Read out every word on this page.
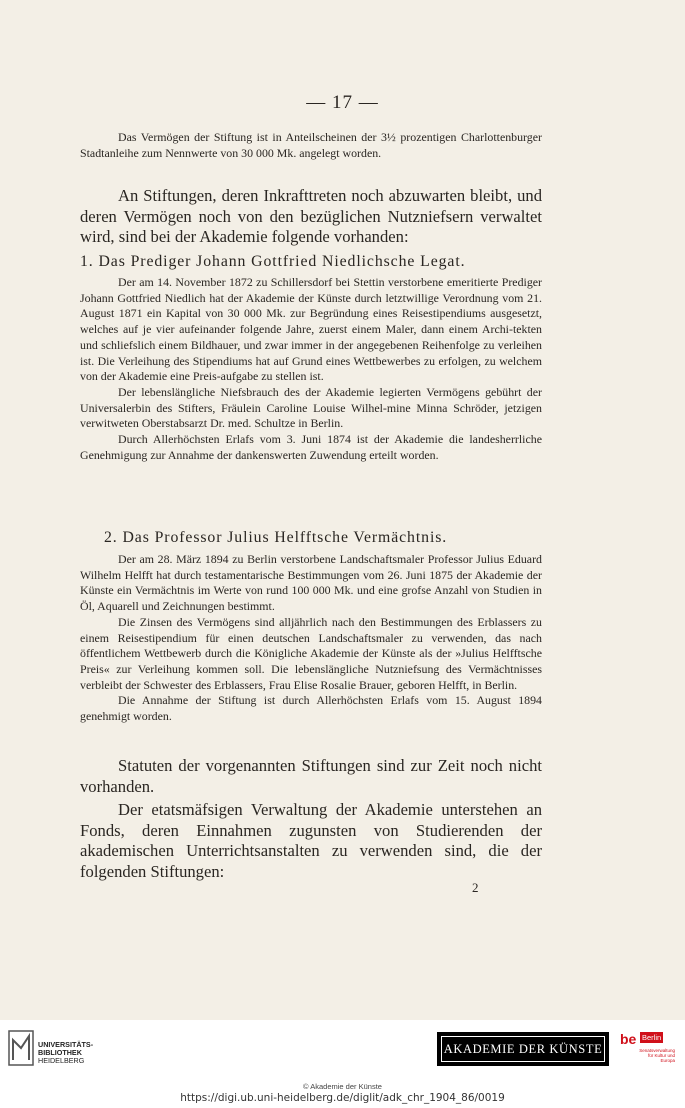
— 17 —

Das Vermögen der Stiftung ist in Anteilscheinen der 3½ prozentigen Charlottenburger Stadtanleihe zum Nennwerte von 30 000 Mk. angelegt worden.

An Stiftungen, deren Inkrafttreten noch abzuwarten bleibt, und deren Vermögen noch von den bezüglichen Nutzniefsern verwaltet wird, sind bei der Akademie folgende vorhanden:

1. Das Prediger Johann Gottfried Niedlichsche Legat.

Der am 14. November 1872 zu Schillersdorf bei Stettin verstorbene emeritierte Prediger Johann Gottfried Niedlich hat der Akademie der Künste durch letztwillige Verordnung vom 21. August 1871 ein Kapital von 30 000 Mk. zur Begründung eines Reisestipendiums ausgesetzt, welches auf je vier aufeinander folgende Jahre, zuerst einem Maler, dann einem Archi-tekten und schliefslich einem Bildhauer, und zwar immer in der angegebenen Reihenfolge zu verleihen ist. Die Verleihung des Stipendiums hat auf Grund eines Wettbewerbes zu erfolgen, zu welchem von der Akademie eine Preis-aufgabe zu stellen ist.

Der lebenslängliche Niefsbrauch des der Akademie legierten Vermögens gebührt der Universalerbin des Stifters, Fräulein Caroline Louise Wilhel-mine Minna Schröder, jetzigen verwitweten Oberstabsarzt Dr. med. Schultze in Berlin.

Durch Allerhöchsten Erlafs vom 3. Juni 1874 ist der Akademie die landesherrliche Genehmigung zur Annahme der dankenswerten Zuwendung erteilt worden.

2. Das Professor Julius Helfftsche Vermächtnis.

Der am 28. März 1894 zu Berlin verstorbene Landschaftsmaler Professor Julius Eduard Wilhelm Helfft hat durch testamentarische Bestimmungen vom 26. Juni 1875 der Akademie der Künste ein Vermächtnis im Werte von rund 100 000 Mk. und eine grofse Anzahl von Studien in Öl, Aquarell und Zeichnungen bestimmt.

Die Zinsen des Vermögens sind alljährlich nach den Bestimmungen des Erblassers zu einem Reisestipendium für einen deutschen Landschaftsmaler zu verwenden, das nach öffentlichem Wettbewerb durch die Königliche Akademie der Künste als der »Julius Helfftsche Preis« zur Verleihung kommen soll. Die lebenslängliche Nutzniefsung des Vermächtnisses verbleibt der Schwester des Erblassers, Frau Elise Rosalie Brauer, geboren Helfft, in Berlin.

Die Annahme der Stiftung ist durch Allerhöchsten Erlafs vom 15. August 1894 genehmigt worden.

Statuten der vorgenannten Stiftungen sind zur Zeit noch nicht vorhanden.

Der etatsmäfsigen Verwaltung der Akademie unterstehen an Fonds, deren Einnahmen zugunsten von Studierenden der akademischen Unterrichtsanstalten zu verwenden sind, die der folgenden Stiftungen:

2
UNIVERSITÄTS-
BIBLIOTHEK
HEIDELBERG
AKADEMIE DER KÜNSTE
be Berlin
Senatsverwaltung für Kultur und Europa
© Akademie der Künste
https://digi.ub.uni-heidelberg.de/diglit/adk_chr_1904_86/0019
